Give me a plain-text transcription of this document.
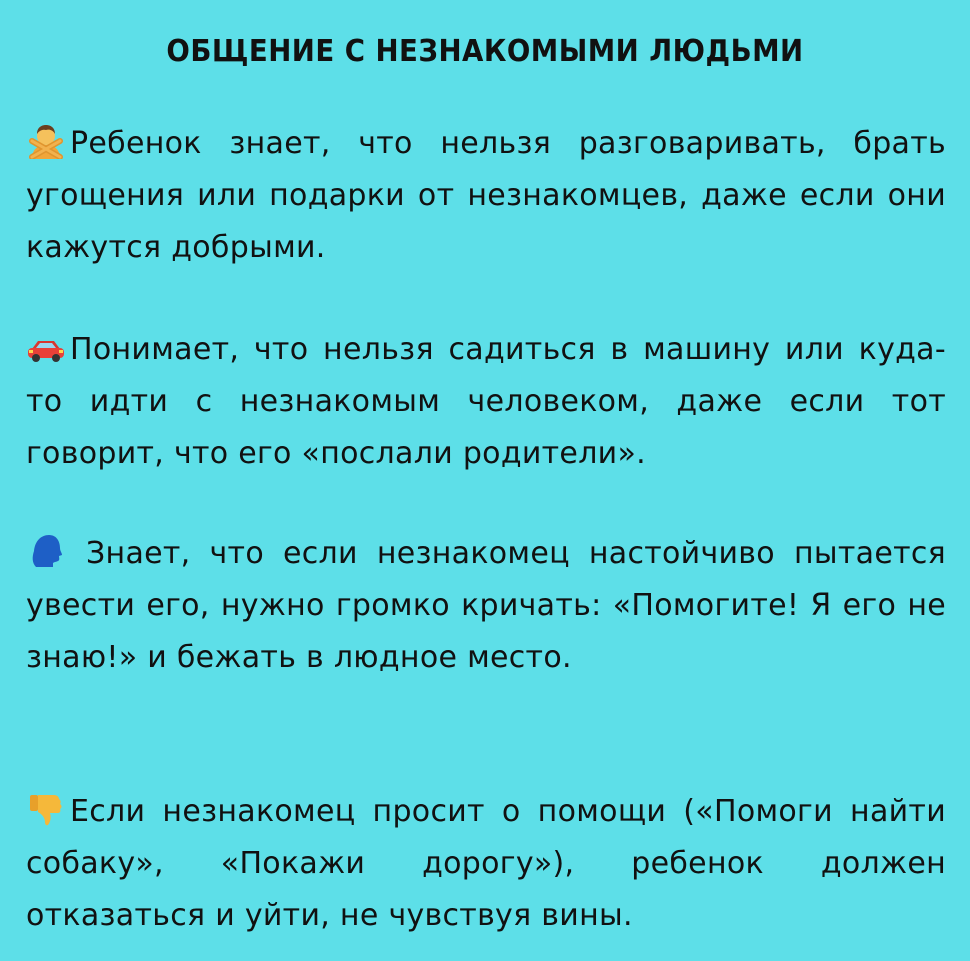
ОБЩЕНИЕ С НЕЗНАКОМЫМИ ЛЮДЬМИ
Ребенок знает, что нельзя разговаривать, брать угощения или подарки от незнакомцев, даже если они кажутся добрыми.
Понимает, что нельзя садиться в машину или куда-то идти с незнакомым человеком, даже если тот говорит, что его «послали родители».
Знает, что если незнакомец настойчиво пытается увести его, нужно громко кричать: «Помогите! Я его не знаю!» и бежать в людное место.
Если незнакомец просит о помощи («Помоги найти собаку», «Покажи дорогу»), ребенок должен отказаться и уйти, не чувствуя вины.
